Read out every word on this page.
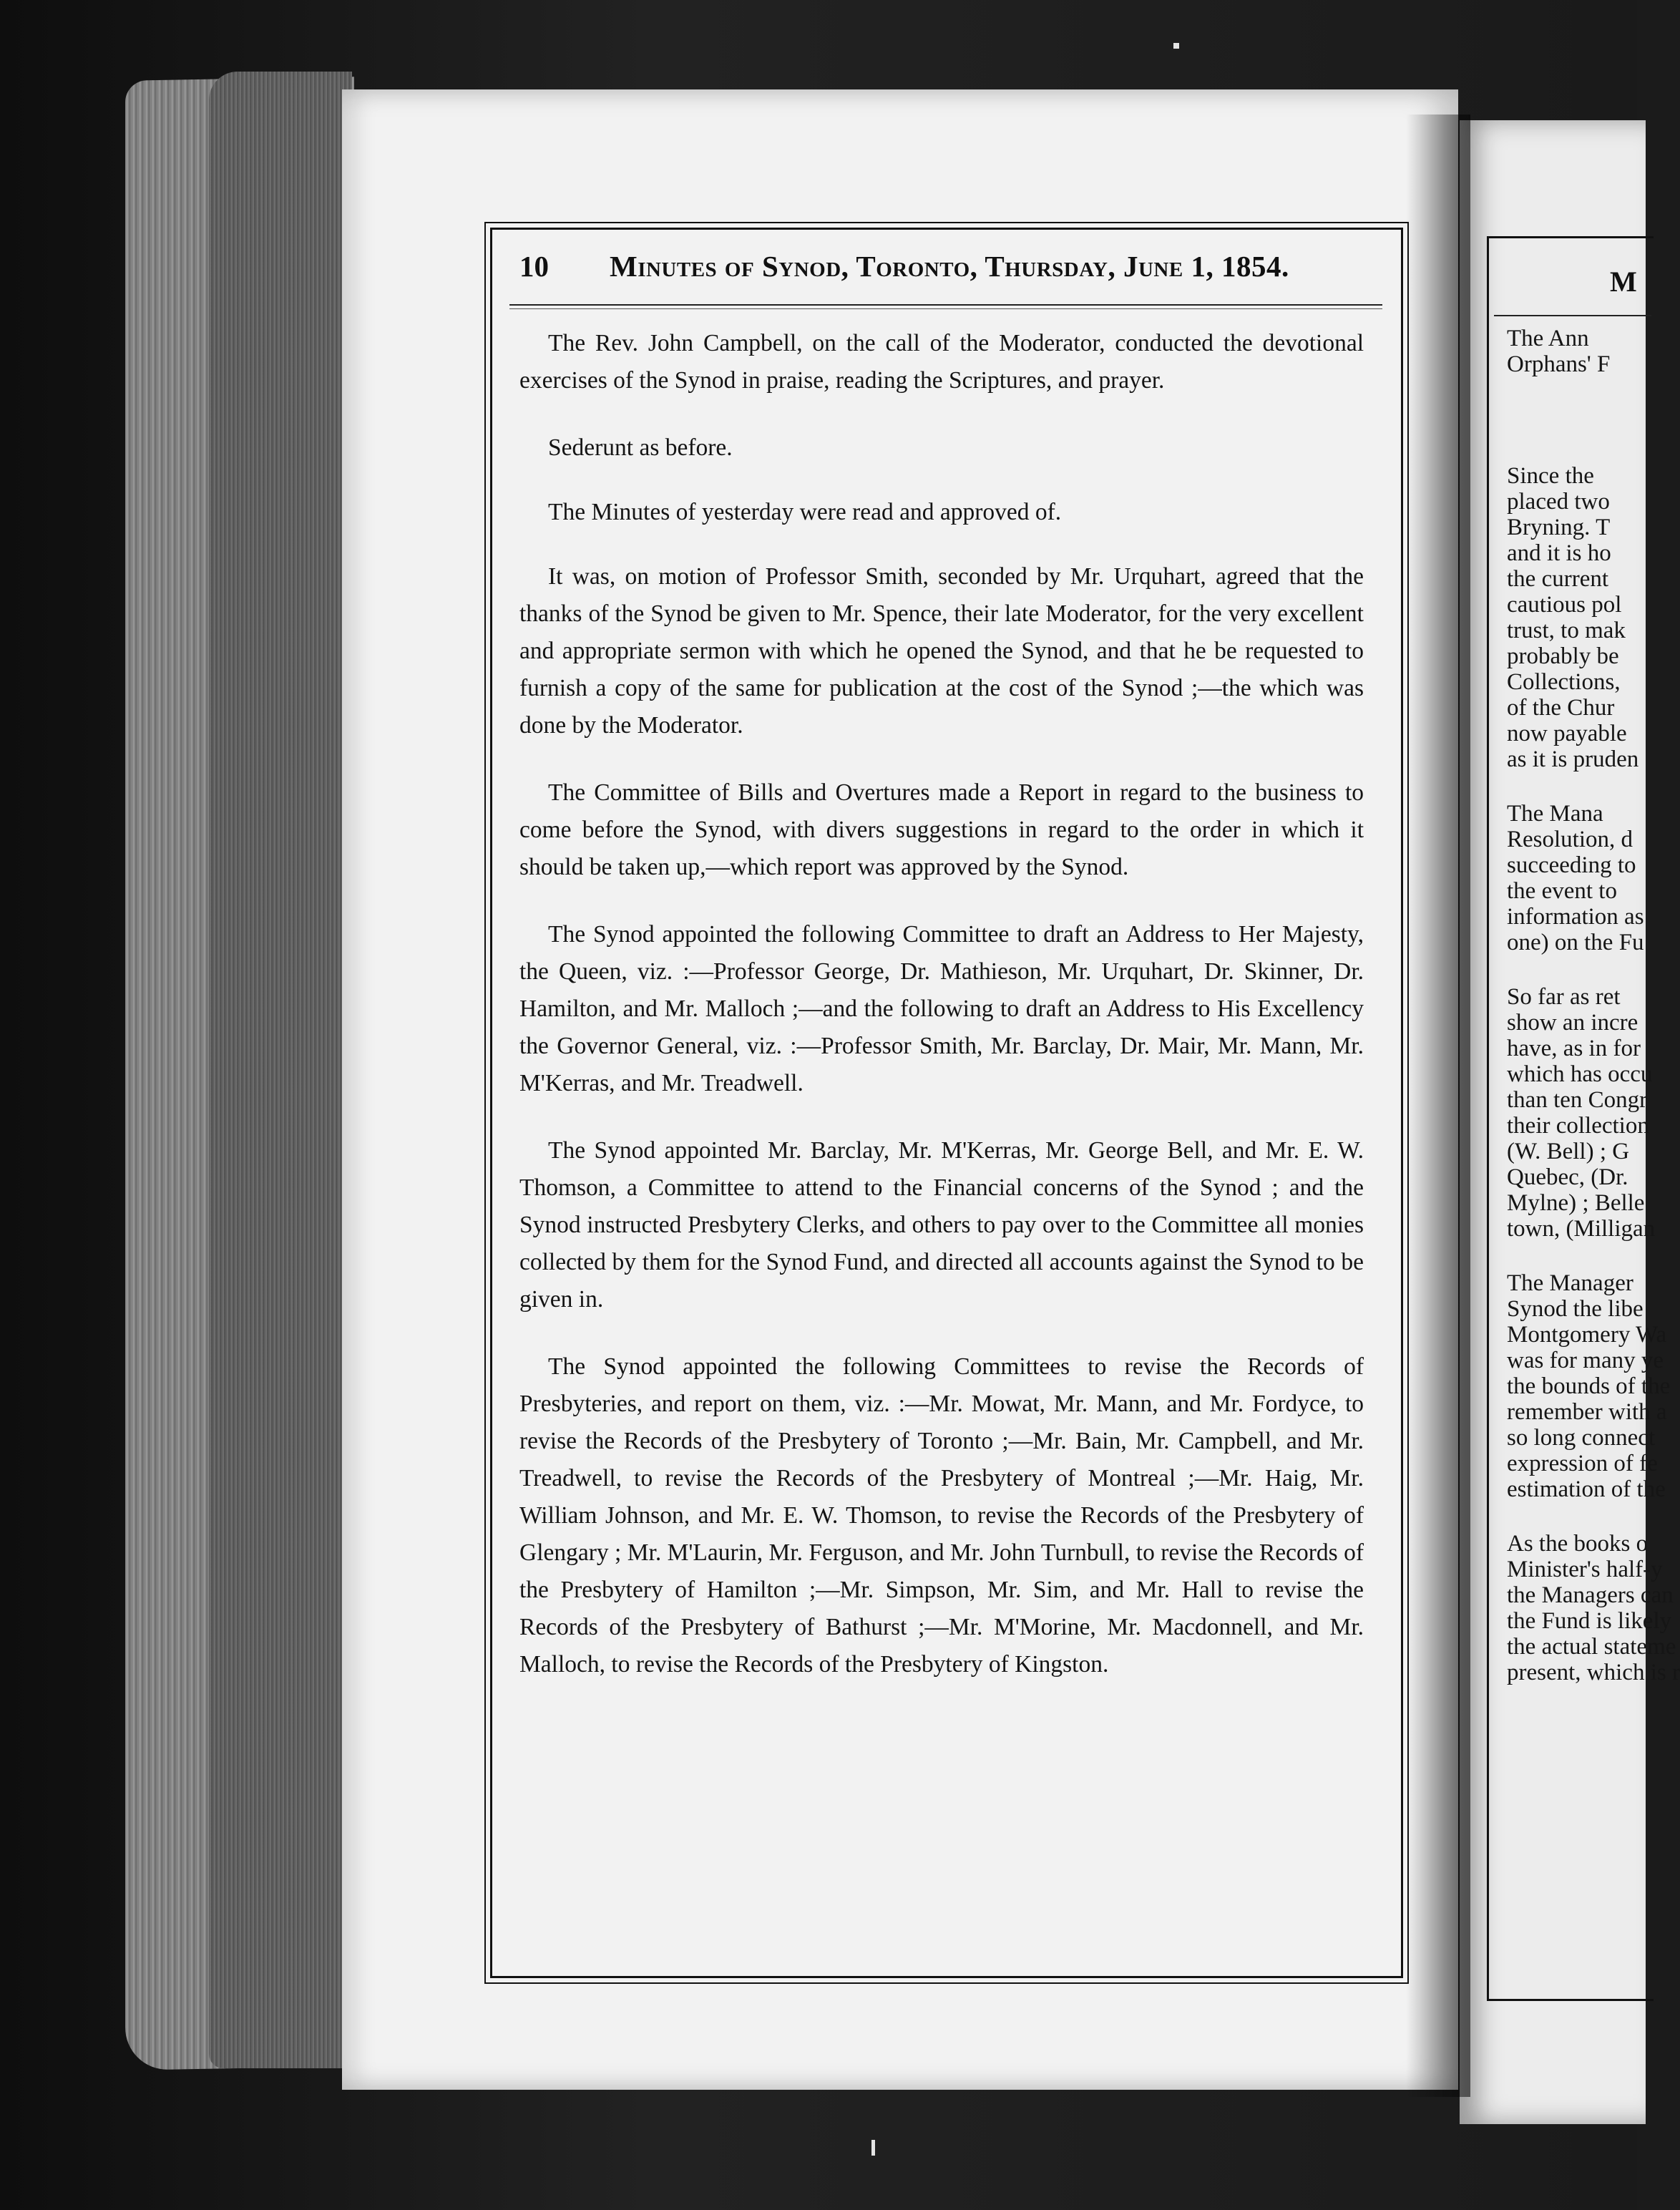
10 Minutes of Synod, Toronto, Thursday, June 1, 1854.

The Rev. John Campbell, on the call of the Moderator, conducted the devotional exercises of the Synod in praise, reading the Scriptures, and prayer.

Sederunt as before.

The Minutes of yesterday were read and approved of.

It was, on motion of Professor Smith, seconded by Mr. Urquhart, agreed that the thanks of the Synod be given to Mr. Spence, their late Moderator, for the very excellent and appropriate sermon with which he opened the Synod, and that he be requested to furnish a copy of the same for publication at the cost of the Synod ;—the which was done by the Moderator.

The Committee of Bills and Overtures made a Report in regard to the business to come before the Synod, with divers suggestions in regard to the order in which it should be taken up,—which report was approved by the Synod.

The Synod appointed the following Committee to draft an Address to Her Majesty, the Queen, viz. :—Professor George, Dr. Mathieson, Mr. Urquhart, Dr. Skinner, Dr. Hamilton, and Mr. Malloch ;—and the following to draft an Address to His Excellency the Governor General, viz. :—Professor Smith, Mr. Barclay, Dr. Mair, Mr. Mann, Mr. M'Kerras, and Mr. Treadwell.

The Synod appointed Mr. Barclay, Mr. M'Kerras, Mr. George Bell, and Mr. E. W. Thomson, a Committee to attend to the Financial concerns of the Synod ; and the Synod instructed Presbytery Clerks, and others to pay over to the Committee all monies collected by them for the Synod Fund, and directed all accounts against the Synod to be given in.

The Synod appointed the following Committees to revise the Records of Presbyteries, and report on them, viz. :—Mr. Mowat, Mr. Mann, and Mr. Fordyce, to revise the Records of the Presbytery of Toronto ;—Mr. Bain, Mr. Campbell, and Mr. Treadwell, to revise the Records of the Presbytery of Montreal ;—Mr. Haig, Mr. William Johnson, and Mr. E. W. Thomson, to revise the Records of the Presbytery of Glengary ; Mr. M'Laurin, Mr. Ferguson, and Mr. John Turnbull, to revise the Records of the Presbytery of Hamilton ;—Mr. Simpson, Mr. Sim, and Mr. Hall to revise the Records of the Presbytery of Bathurst ;—Mr. M'Morine, Mr. Macdonnell, and Mr. Malloch, to revise the Records of the Presbytery of Kingston.

M
The Ann
Orphans' F
Since the
placed two
Bryning. T
and it is ho
the current
cautious pol
trust, to mak
probably be
Collections,
of the Chur
now payable
as it is pruden
The Mana
Resolution, d
succeeding to
the event to
information as
one) on the Fu
So far as ret
show an incre
have, as in for
which has occu
than ten Congr
their collection
(W. Bell) ; G
Quebec, (Dr.
Mylne) ; Belle
town, (Milligan
The Manager
Synod the libe
Montgomery Wa
was for many ye
the bounds of the
remember with a
so long connect
expression of fe
estimation of the
As the books o
Minister's half-y
the Managers can
the Fund is likely
the actual stateme
present, which is r
